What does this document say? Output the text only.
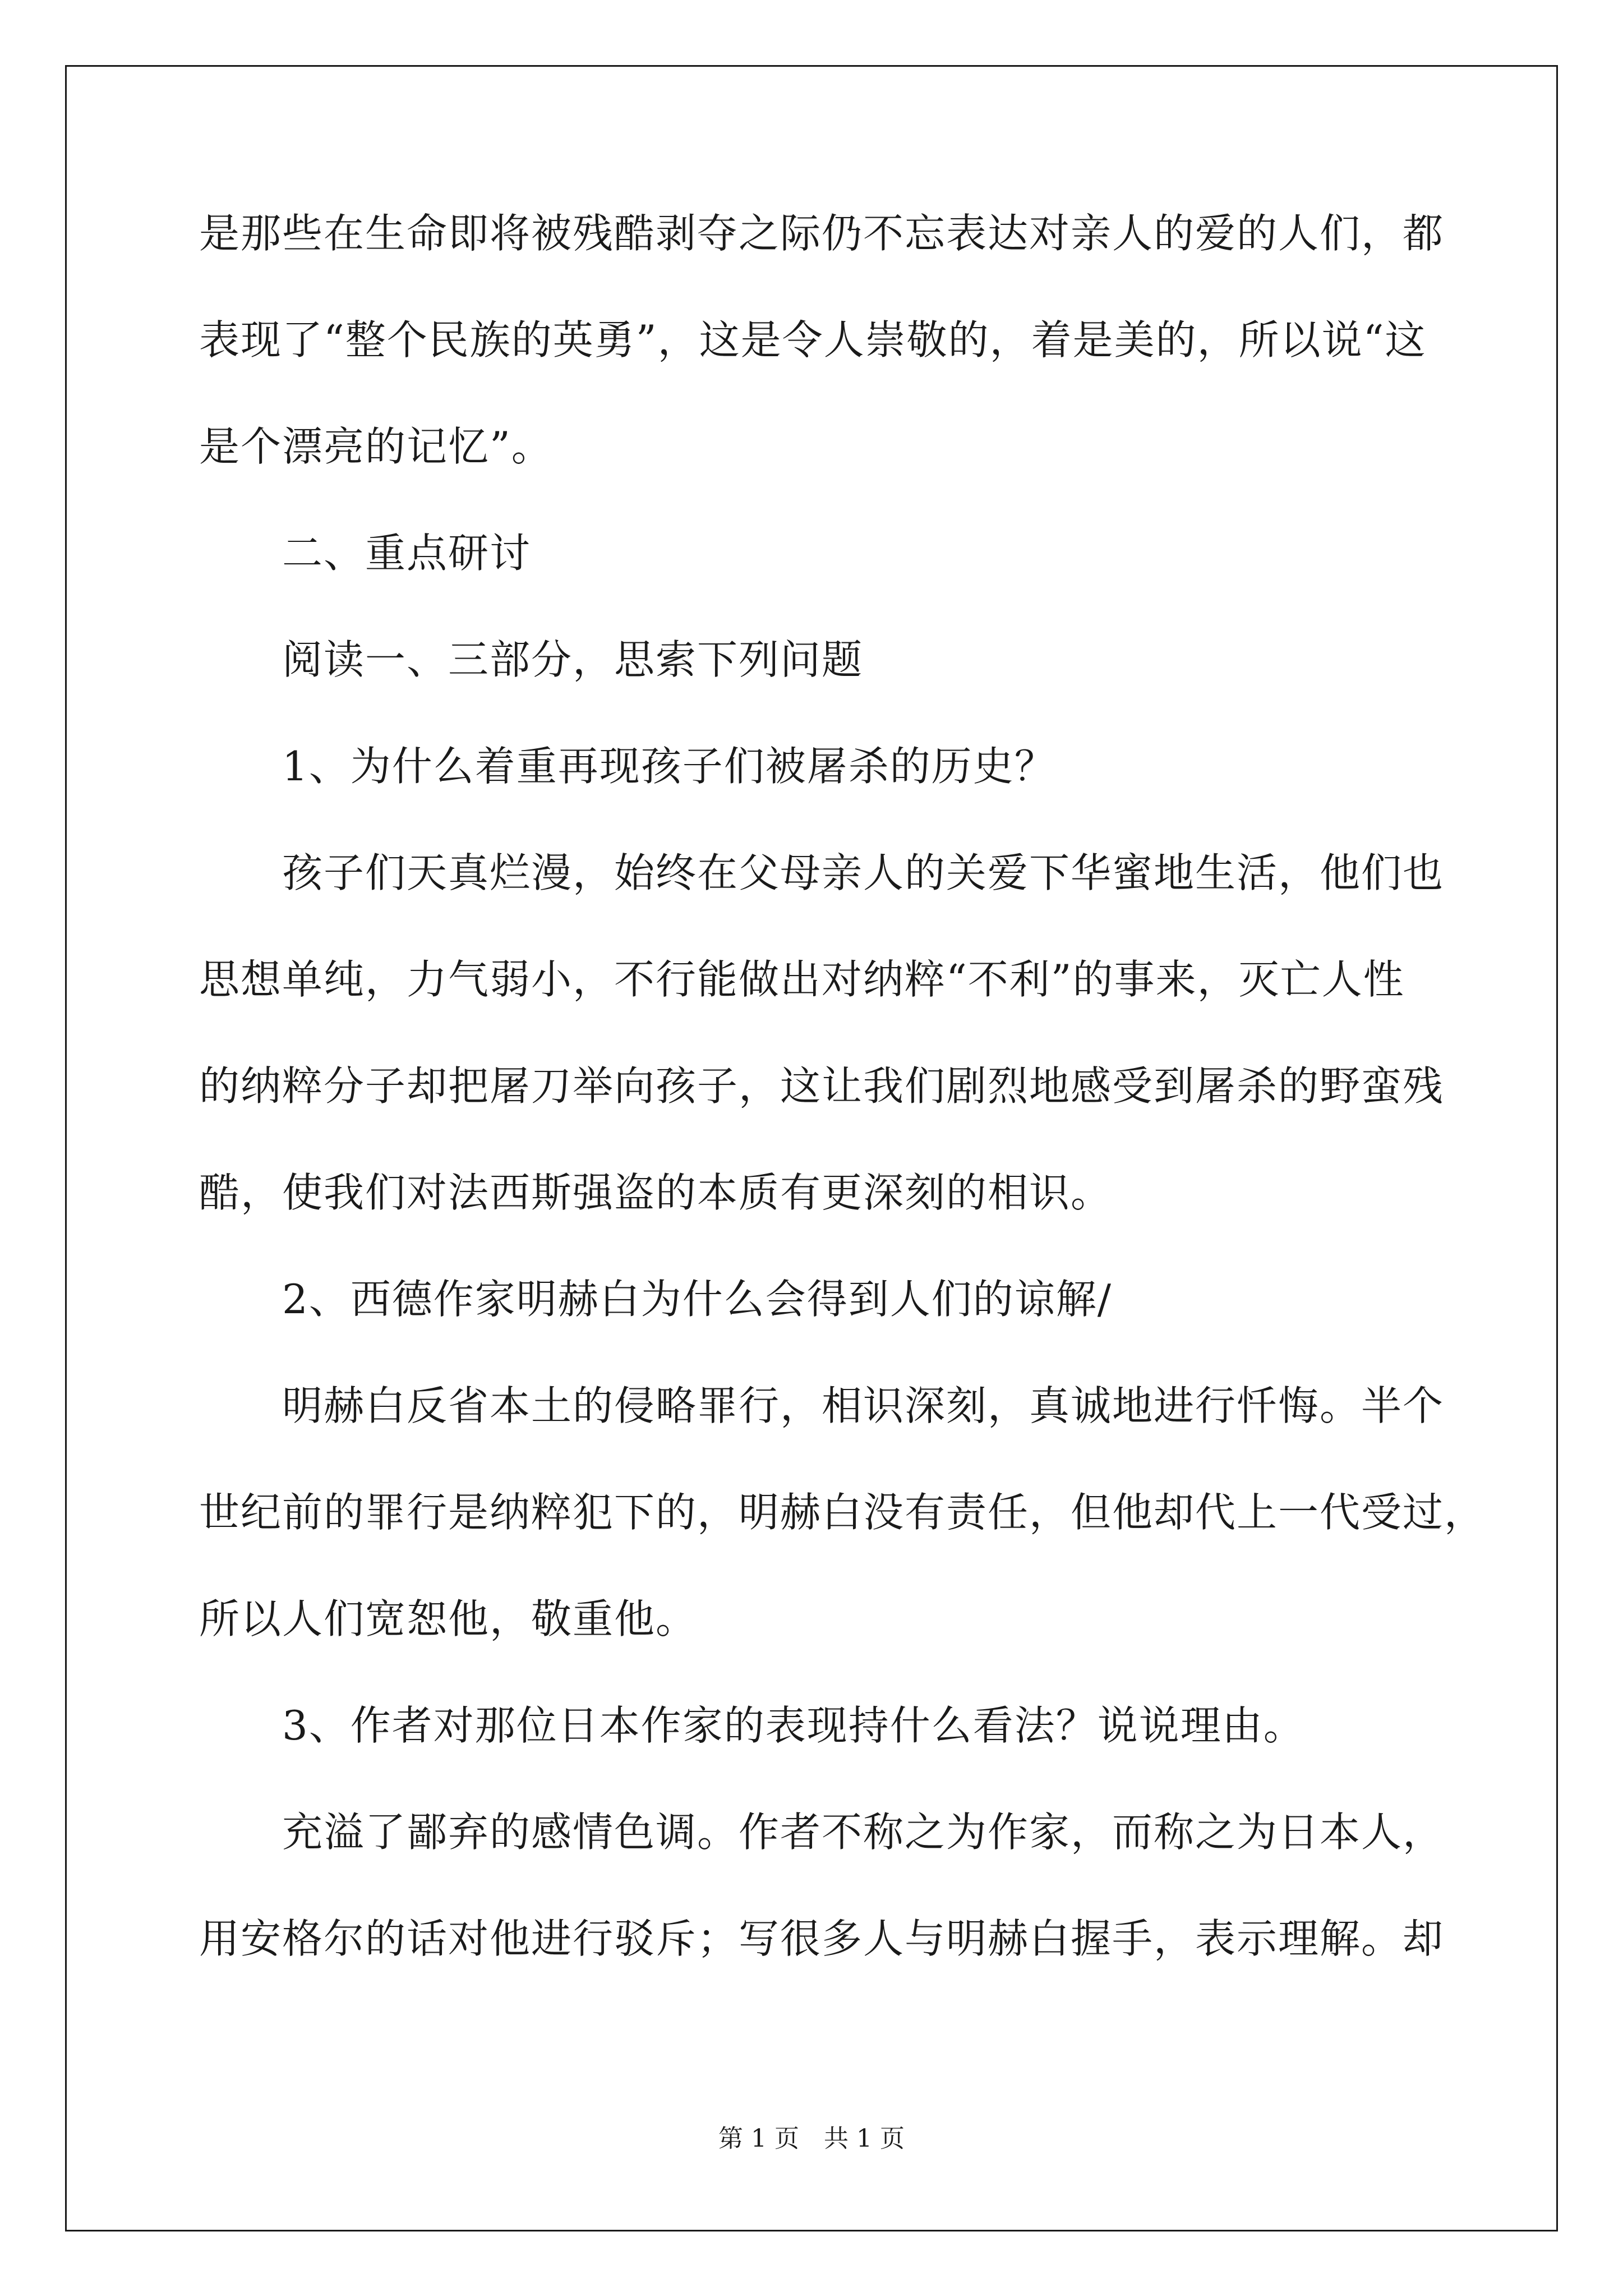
是那些在生命即将被残酷剥夺之际仍不忘表达对亲人的爱的人们，都
表现了“整个民族的英勇”，这是令人崇敬的，着是美的，所以说“这
是个漂亮的记忆”。
　　二、重点研讨
　　阅读一、三部分，思索下列问题
　　1、为什么着重再现孩子们被屠杀的历史？
　　孩子们天真烂漫，始终在父母亲人的关爱下华蜜地生活，他们也
思想单纯，力气弱小，不行能做出对纳粹“不利”的事来，灭亡人性
的纳粹分子却把屠刀举向孩子，这让我们剧烈地感受到屠杀的野蛮残
酷，使我们对法西斯强盗的本质有更深刻的相识。
　　2、西德作家明赫白为什么会得到人们的谅解/
　　明赫白反省本土的侵略罪行，相识深刻，真诚地进行忏悔。半个
世纪前的罪行是纳粹犯下的，明赫白没有责任，但他却代上一代受过，
所以人们宽恕他，敬重他。
　　3、作者对那位日本作家的表现持什么看法？说说理由。
　　充溢了鄙弃的感情色调。作者不称之为作家，而称之为日本人，
用安格尔的话对他进行驳斥；写很多人与明赫白握手，表示理解。却
第 1 页　共 1 页
